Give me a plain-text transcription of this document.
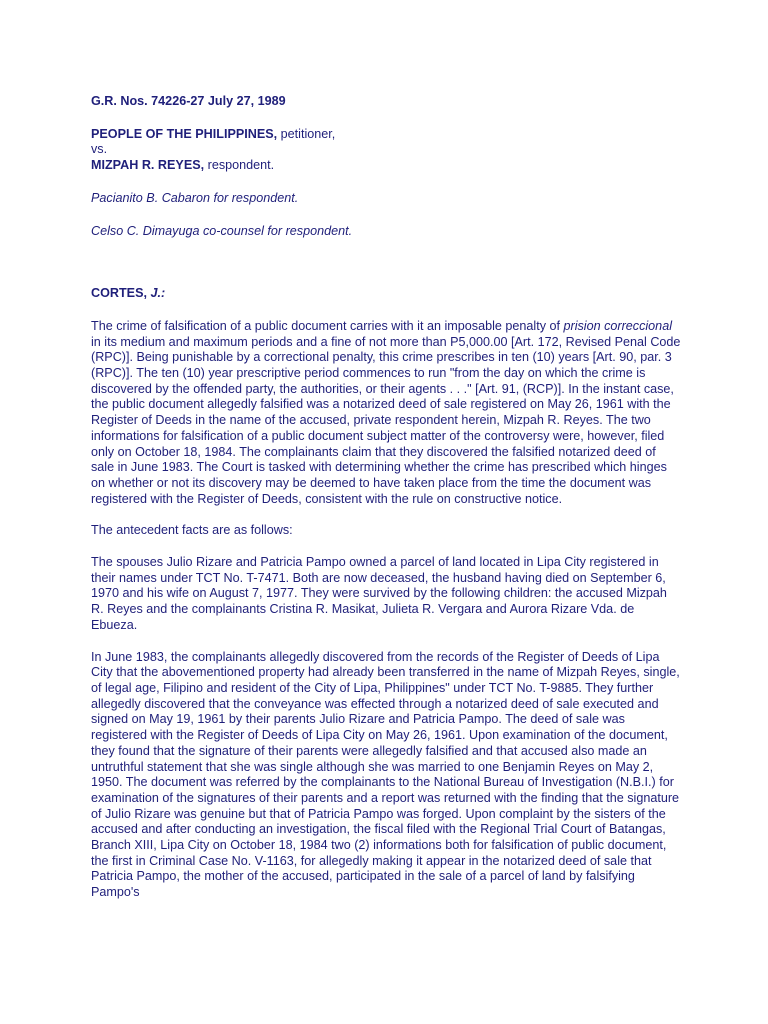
G.R. Nos. 74226-27 July 27, 1989

PEOPLE OF THE PHILIPPINES, petitioner,

vs.

MIZPAH R. REYES, respondent.

Pacianito B. Cabaron for respondent.

Celso C. Dimayuga co-counsel for respondent.

CORTES, J.:

The crime of falsification of a public document carries with it an imposable penalty of prision correccional in its medium and maximum periods and a fine of not more than P5,000.00 [Art. 172, Revised Penal Code (RPC)]. Being punishable by a correctional penalty, this crime prescribes in ten (10) years [Art. 90, par. 3 (RPC)]. The ten (10) year prescriptive period commences to run "from the day on which the crime is discovered by the offended party, the authorities, or their agents . . ." [Art. 91, (RCP)]. In the instant case, the public document allegedly falsified was a notarized deed of sale registered on May 26, 1961 with the Register of Deeds in the name of the accused, private respondent herein, Mizpah R. Reyes. The two informations for falsification of a public document subject matter of the controversy were, however, filed only on October 18, 1984. The complainants claim that they discovered the falsified notarized deed of sale in June 1983. The Court is tasked with determining whether the crime has prescribed which hinges on whether or not its discovery may be deemed to have taken place from the time the document was registered with the Register of Deeds, consistent with the rule on constructive notice.

The antecedent facts are as follows:

The spouses Julio Rizare and Patricia Pampo owned a parcel of land located in Lipa City registered in their names under TCT No. T-7471. Both are now deceased, the husband having died on September 6, 1970 and his wife on August 7, 1977. They were survived by the following children: the accused Mizpah R. Reyes and the complainants Cristina R. Masikat, Julieta R. Vergara and Aurora Rizare Vda. de Ebueza.

In June 1983, the complainants allegedly discovered from the records of the Register of Deeds of Lipa City that the abovementioned property had already been transferred in the name of Mizpah Reyes, single, of legal age, Filipino and resident of the City of Lipa, Philippines" under TCT No. T-9885. They further allegedly discovered that the conveyance was effected through a notarized deed of sale executed and signed on May 19, 1961 by their parents Julio Rizare and Patricia Pampo. The deed of sale was registered with the Register of Deeds of Lipa City on May 26, 1961. Upon examination of the document, they found that the signature of their parents were allegedly falsified and that accused also made an untruthful statement that she was single although she was married to one Benjamin Reyes on May 2, 1950. The document was referred by the complainants to the National Bureau of Investigation (N.B.I.) for examination of the signatures of their parents and a report was returned with the finding that the signature of Julio Rizare was genuine but that of Patricia Pampo was forged. Upon complaint by the sisters of the accused and after conducting an investigation, the fiscal filed with the Regional Trial Court of Batangas, Branch XIII, Lipa City on October 18, 1984 two (2) informations both for falsification of public document, the first in Criminal Case No. V-1163, for allegedly making it appear in the notarized deed of sale that Patricia Pampo, the mother of the accused, participated in the sale of a parcel of land by falsifying Pampo's
